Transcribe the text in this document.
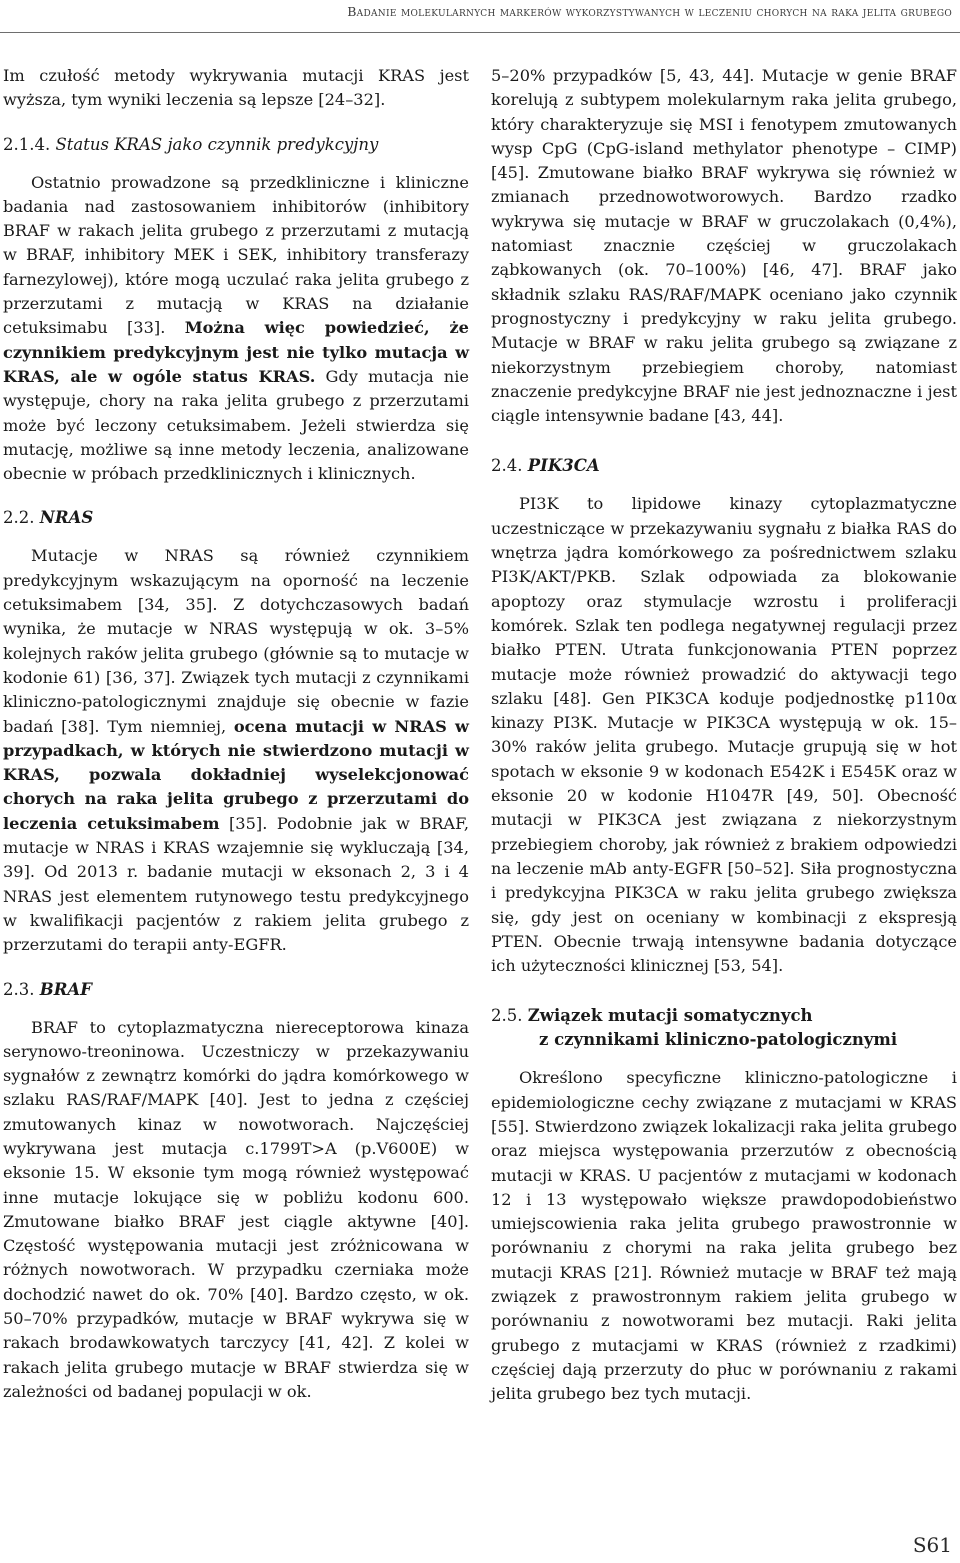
Badanie molekularnych markerów wykorzystywanych w leczeniu chorych na raka jelita grubego

Im czułość metody wykrywania mutacji KRAS jest wyższa, tym wyniki leczenia są lepsze [24–32].

2.1.4. Status KRAS jako czynnik predykcyjny

Ostatnio prowadzone są przedkliniczne i kliniczne badania nad zastosowaniem inhibitorów (inhibitory BRAF w rakach jelita grubego z przerzutami z mutacją w BRAF, inhibitory MEK i SEK, inhibitory transferazy farnezylowej), które mogą uczulać raka jelita grubego z przerzutami z mutacją w KRAS na działanie cetuksimabu [33]. Można więc powiedzieć, że czynnikiem predykcyjnym jest nie tylko mutacja w KRAS, ale w ogóle status KRAS. Gdy mutacja nie występuje, chory na raka jelita grubego z przerzutami może być leczony cetuksimabem. Jeżeli stwierdza się mutację, możliwe są inne metody leczenia, analizowane obecnie w próbach przedklinicznych i klinicznych.

2.2. NRAS

Mutacje w NRAS są również czynnikiem predykcyjnym wskazującym na oporność na leczenie cetuksimabem [34, 35]. Z dotychczasowych badań wynika, że mutacje w NRAS występują w ok. 3–5% kolejnych raków jelita grubego (głównie są to mutacje w kodonie 61) [36, 37]. Związek tych mutacji z czynnikami kliniczno-patologicznymi znajduje się obecnie w fazie badań [38]. Tym niemniej, ocena mutacji w NRAS w przypadkach, w których nie stwierdzono mutacji w KRAS, pozwala dokładniej wyselekcjonować chorych na raka jelita grubego z przerzutami do leczenia cetuksimabem [35]. Podobnie jak w BRAF, mutacje w NRAS i KRAS wzajemnie się wykluczają [34, 39]. Od 2013 r. badanie mutacji w eksonach 2, 3 i 4 NRAS jest elementem rutynowego testu predykcyjnego w kwalifikacji pacjentów z rakiem jelita grubego z przerzutami do terapii anty-EGFR.

2.3. BRAF

BRAF to cytoplazmatyczna niereceptorowa kinaza serynowo-treoninowa. Uczestniczy w przekazywaniu sygnałów z zewnątrz komórki do jądra komórkowego w szlaku RAS/RAF/MAPK [40]. Jest to jedna z częściej zmutowanych kinaz w nowotworach. Najczęściej wykrywana jest mutacja c.1799T>A (p.V600E) w eksonie 15. W eksonie tym mogą również występować inne mutacje lokujące się w pobliżu kodonu 600. Zmutowane białko BRAF jest ciągle aktywne [40]. Częstość występowania mutacji jest zróżnicowana w różnych nowotworach. W przypadku czerniaka może dochodzić nawet do ok. 70% [40]. Bardzo często, w ok. 50–70% przypadków, mutacje w BRAF wykrywa się w rakach brodawkowatych tarczycy [41, 42]. Z kolei w rakach jelita grubego mutacje w BRAF stwierdza się w zależności od badanej populacji w ok.

5–20% przypadków [5, 43, 44]. Mutacje w genie BRAF korelują z subtypem molekularnym raka jelita grubego, który charakteryzuje się MSI i fenotypem zmutowanych wysp CpG (CpG-island methylator phenotype – CIMP) [45]. Zmutowane białko BRAF wykrywa się również w zmianach przednowotworowych. Bardzo rzadko wykrywa się mutacje w BRAF w gruczolakach (0,4%), natomiast znacznie częściej w gruczolakach ząbkowanych (ok. 70–100%) [46, 47]. BRAF jako składnik szlaku RAS/RAF/MAPK oceniano jako czynnik prognostyczny i predykcyjny w raku jelita grubego. Mutacje w BRAF w raku jelita grubego są związane z niekorzystnym przebiegiem choroby, natomiast znaczenie predykcyjne BRAF nie jest jednoznaczne i jest ciągle intensywnie badane [43, 44].

2.4. PIK3CA

PI3K to lipidowe kinazy cytoplazmatyczne uczestniczące w przekazywaniu sygnału z białka RAS do wnętrza jądra komórkowego za pośrednictwem szlaku PI3K/AKT/PKB. Szlak odpowiada za blokowanie apoptozy oraz stymulacje wzrostu i proliferacji komórek. Szlak ten podlega negatywnej regulacji przez białko PTEN. Utrata funkcjonowania PTEN poprzez mutacje może również prowadzić do aktywacji tego szlaku [48]. Gen PIK3CA koduje podjednostkę p110α kinazy PI3K. Mutacje w PIK3CA występują w ok. 15–30% raków jelita grubego. Mutacje grupują się w hot spotach w eksonie 9 w kodonach E542K i E545K oraz w eksonie 20 w kodonie H1047R [49, 50]. Obecność mutacji w PIK3CA jest związana z niekorzystnym przebiegiem choroby, jak również z brakiem odpowiedzi na leczenie mAb anty-EGFR [50–52]. Siła prognostyczna i predykcyjna PIK3CA w raku jelita grubego zwiększa się, gdy jest on oceniany w kombinacji z ekspresją PTEN. Obecnie trwają intensywne badania dotyczące ich użyteczności klinicznej [53, 54].

2.5. Związek mutacji somatycznych

z czynnikami kliniczno-patologicznymi

Określono specyficzne kliniczno-patologiczne i epidemiologiczne cechy związane z mutacjami w KRAS [55]. Stwierdzono związek lokalizacji raka jelita grubego oraz miejsca występowania przerzutów z obecnością mutacji w KRAS. U pacjentów z mutacjami w kodonach 12 i 13 występowało większe prawdopodobieństwo umiejscowienia raka jelita grubego prawostronnie w porównaniu z chorymi na raka jelita grubego bez mutacji KRAS [21]. Również mutacje w BRAF też mają związek z prawostronnym rakiem jelita grubego w porównaniu z nowotworami bez mutacji. Raki jelita grubego z mutacjami w KRAS (również z rzadkimi) częściej dają przerzuty do płuc w porównaniu z rakami jelita grubego bez tych mutacji.

S61
